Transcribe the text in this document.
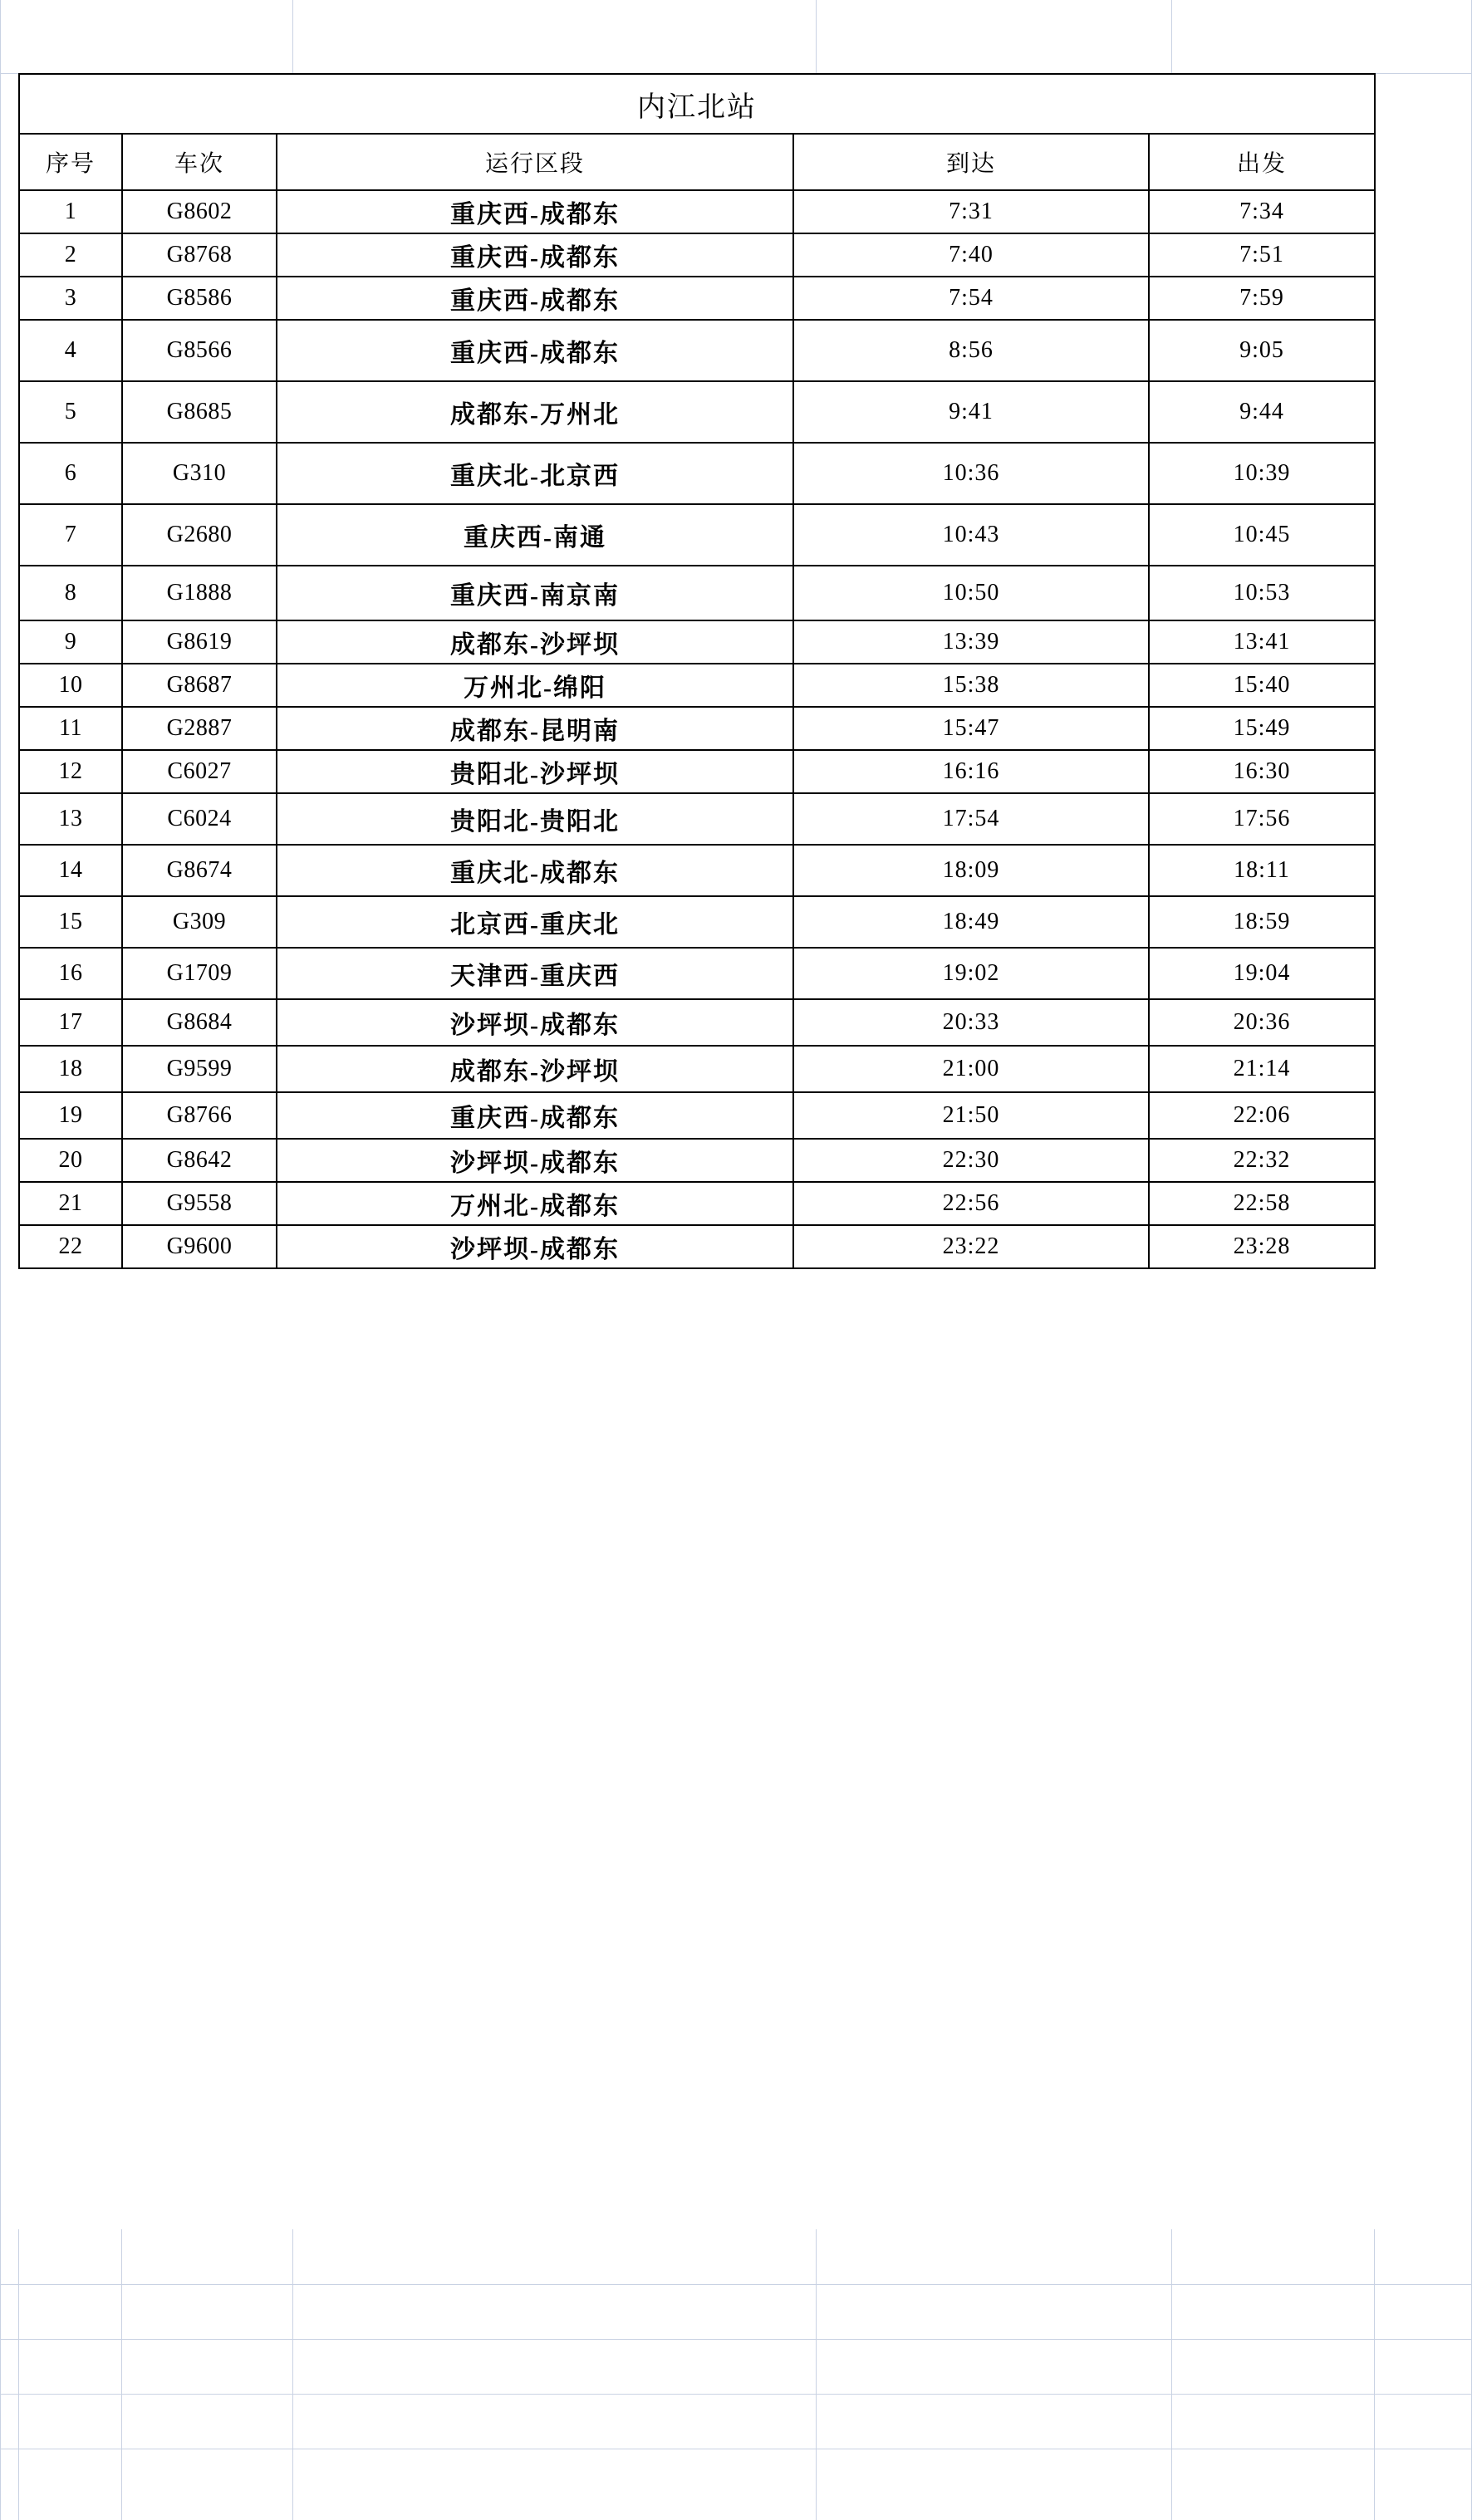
内江北站				
序号	车次	运行区段	到达	出发
1	G8602	重庆西-成都东	7:31	7:34
2	G8768	重庆西-成都东	7:40	7:51
3	G8586	重庆西-成都东	7:54	7:59
4	G8566	重庆西-成都东	8:56	9:05
5	G8685	成都东-万州北	9:41	9:44
6	G310	重庆北-北京西	10:36	10:39
7	G2680	重庆西-南通	10:43	10:45
8	G1888	重庆西-南京南	10:50	10:53
9	G8619	成都东-沙坪坝	13:39	13:41
10	G8687	万州北-绵阳	15:38	15:40
11	G2887	成都东-昆明南	15:47	15:49
12	C6027	贵阳北-沙坪坝	16:16	16:30
13	C6024	贵阳北-贵阳北	17:54	17:56
14	G8674	重庆北-成都东	18:09	18:11
15	G309	北京西-重庆北	18:49	18:59
16	G1709	天津西-重庆西	19:02	19:04
17	G8684	沙坪坝-成都东	20:33	20:36
18	G9599	成都东-沙坪坝	21:00	21:14
19	G8766	重庆西-成都东	21:50	22:06
20	G8642	沙坪坝-成都东	22:30	22:32
21	G9558	万州北-成都东	22:56	22:58
22	G9600	沙坪坝-成都东	23:22	23:28
